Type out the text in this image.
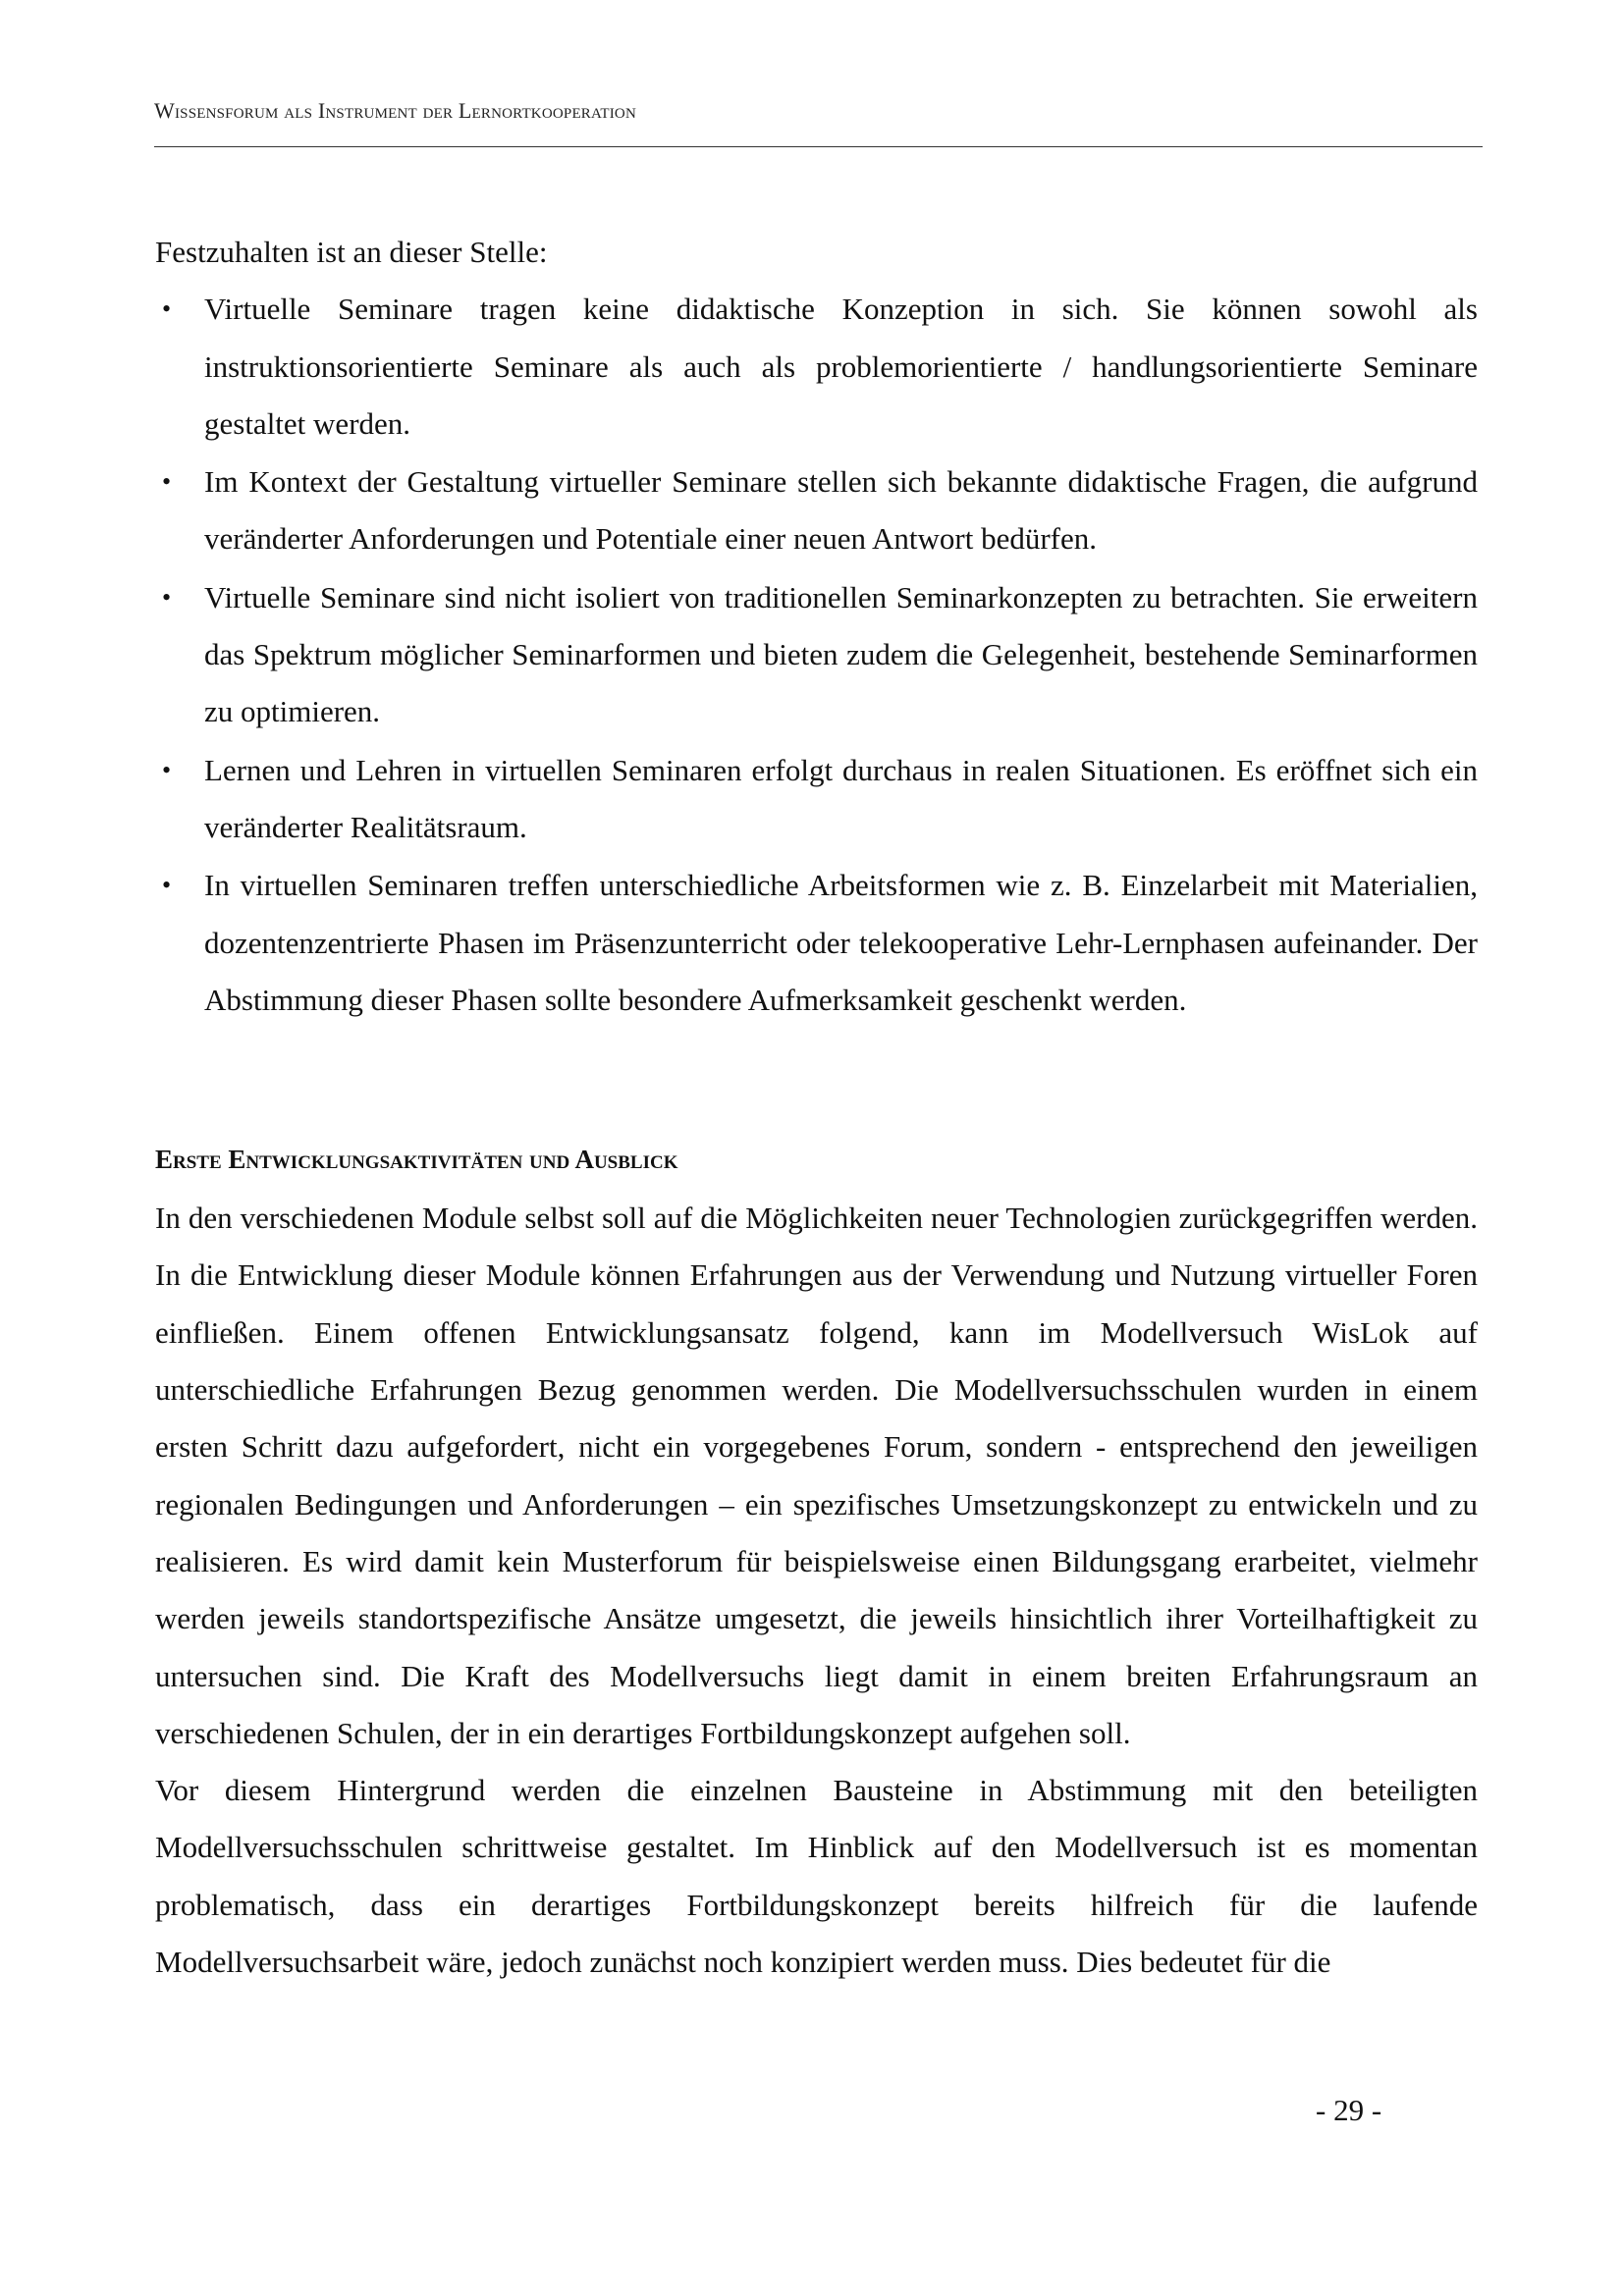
Wissensforum als Instrument der Lernortkooperation

Festzuhalten ist an dieser Stelle:

• Virtuelle Seminare tragen keine didaktische Konzeption in sich. Sie können sowohl als instruktionsorientierte Seminare als auch als problemorientierte / handlungsorientierte Seminare gestaltet werden.
• Im Kontext der Gestaltung virtueller Seminare stellen sich bekannte didaktische Fragen, die aufgrund veränderter Anforderungen und Potentiale einer neuen Antwort bedürfen.
• Virtuelle Seminare sind nicht isoliert von traditionellen Seminarkonzepten zu betrachten. Sie erweitern das Spektrum möglicher Seminarformen und bieten zudem die Gelegenheit, bestehende Seminarformen zu optimieren.
• Lernen und Lehren in virtuellen Seminaren erfolgt durchaus in realen Situationen. Es eröffnet sich ein veränderter Realitätsraum.
• In virtuellen Seminaren treffen unterschiedliche Arbeitsformen wie z. B. Einzelarbeit mit Materialien, dozentenzentrierte Phasen im Präsenzunterricht oder telekooperative Lehr-Lernphasen aufeinander. Der Abstimmung dieser Phasen sollte besondere Aufmerksamkeit geschenkt werden.
Erste Entwicklungsaktivitäten und Ausblick

In den verschiedenen Module selbst soll auf die Möglichkeiten neuer Technologien zurückgegriffen werden. In die Entwicklung dieser Module können Erfahrungen aus der Verwendung und Nutzung virtueller Foren einfließen. Einem offenen Entwicklungsansatz folgend, kann im Modellversuch WisLok auf unterschiedliche Erfahrungen Bezug genommen werden. Die Modellversuchsschulen wurden in einem ersten Schritt dazu aufgefordert, nicht ein vorgegebenes Forum, sondern - entsprechend den jeweiligen regionalen Bedingungen und Anforderungen – ein spezifisches Umsetzungskonzept zu entwickeln und zu realisieren. Es wird damit kein Musterforum für beispielsweise einen Bildungsgang erarbeitet, vielmehr werden jeweils standortspezifische Ansätze umgesetzt, die jeweils hinsichtlich ihrer Vorteilhaftigkeit zu untersuchen sind. Die Kraft des Modellversuchs liegt damit in einem breiten Erfahrungsraum an verschiedenen Schulen, der in ein derartiges Fortbildungskonzept aufgehen soll.

Vor diesem Hintergrund werden die einzelnen Bausteine in Abstimmung mit den beteiligten Modellversuchsschulen schrittweise gestaltet. Im Hinblick auf den Modellversuch ist es momentan problematisch, dass ein derartiges Fortbildungskonzept bereits hilfreich für die laufende Modellversuchsarbeit wäre, jedoch zunächst noch konzipiert werden muss. Dies bedeutet für die

- 29 -
